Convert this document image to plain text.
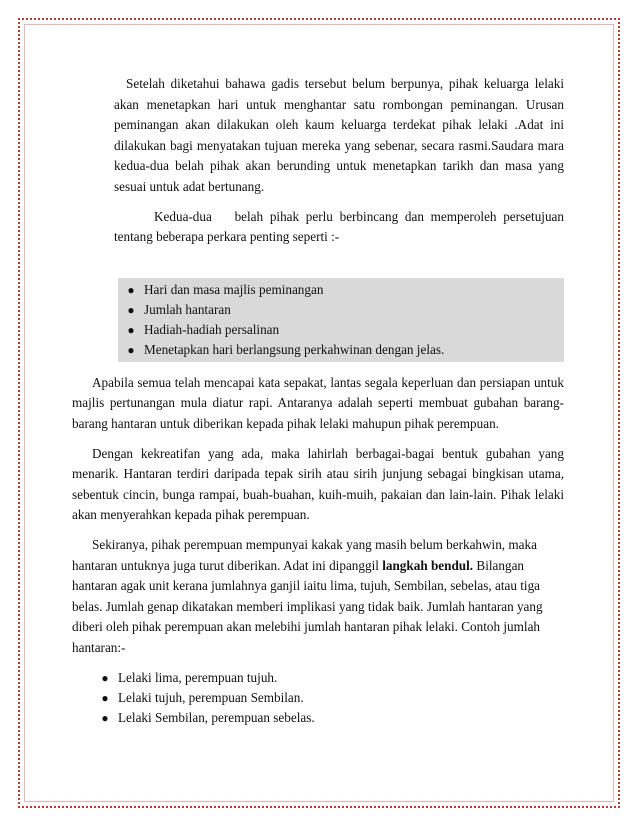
Setelah diketahui bahawa gadis tersebut belum berpunya, pihak keluarga lelaki akan menetapkan hari untuk menghantar satu rombongan peminangan. Urusan peminangan akan dilakukan oleh kaum keluarga terdekat pihak lelaki .Adat ini dilakukan bagi menyatakan tujuan mereka yang sebenar, secara rasmi.Saudara mara kedua-dua belah pihak akan berunding untuk menetapkan tarikh dan masa yang sesuai untuk adat bertunang.

Kedua-dua belah pihak perlu berbincang dan memperoleh persetujuan tentang beberapa perkara penting seperti :-

● Hari dan masa majlis peminangan
● Jumlah hantaran
● Hadiah-hadiah persalinan
● Menetapkan hari berlangsung perkahwinan dengan jelas.

Apabila semua telah mencapai kata sepakat, lantas segala keperluan dan persiapan untuk majlis pertunangan mula diatur rapi. Antaranya adalah seperti membuat gubahan barang-barang hantaran untuk diberikan kepada pihak lelaki mahupun pihak perempuan.

Dengan kekreatifan yang ada, maka lahirlah berbagai-bagai bentuk gubahan yang menarik. Hantaran terdiri daripada tepak sirih atau sirih junjung sebagai bingkisan utama, sebentuk cincin, bunga rampai, buah-buahan, kuih-muih, pakaian dan lain-lain. Pihak lelaki akan menyerahkan kepada pihak perempuan.

Sekiranya, pihak perempuan mempunyai kakak yang masih belum berkahwin, maka hantaran untuknya juga turut diberikan. Adat ini dipanggil langkah bendul. Bilangan hantaran agak unit kerana jumlahnya ganjil iaitu lima, tujuh, Sembilan, sebelas, atau tiga belas. Jumlah genap dikatakan memberi implikasi yang tidak baik. Jumlah hantaran yang diberi oleh pihak perempuan akan melebihi jumlah hantaran pihak lelaki. Contoh jumlah hantaran:-

● Lelaki lima, perempuan tujuh.
● Lelaki tujuh, perempuan Sembilan.
● Lelaki Sembilan, perempuan sebelas.
